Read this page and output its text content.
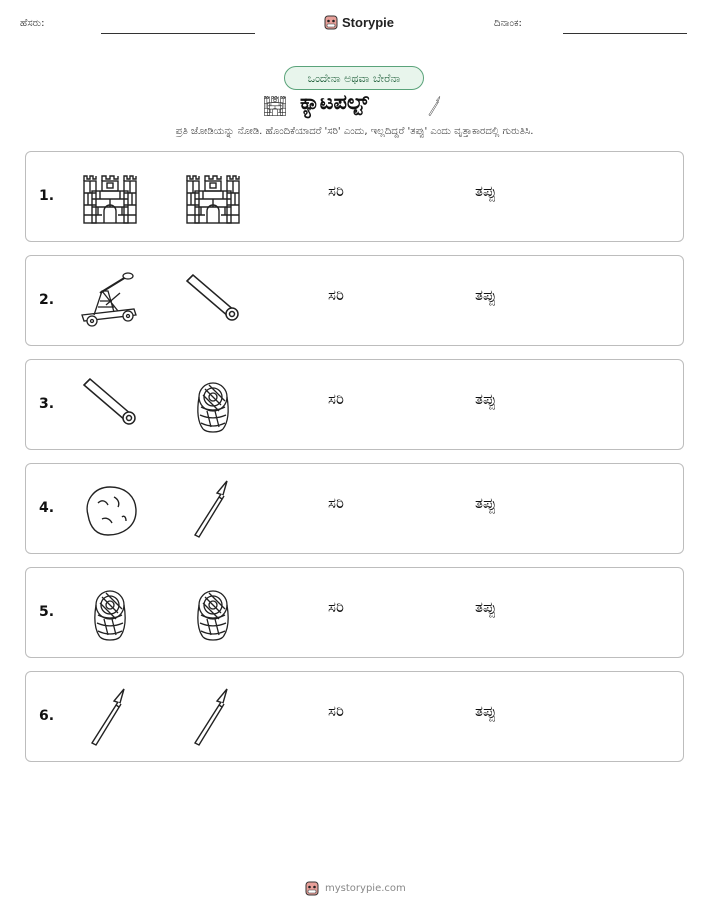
ಹೆಸರು:	Storypie	ದಿನಾಂಕ:
ಒಂದೇನಾ ಅಥವಾ ಬೇರೆನಾ
ಕ್ಯಾಟಪಲ್ಟ್
ಪ್ರತಿ ಜೋಡಿಯನ್ನು ನೋಡಿ. ಹೊಂದಿಕೆಯಾದರೆ 'ಸರಿ' ಎಂದು, ಇಲ್ಲದಿದ್ದರೆ 'ತಪ್ಪು' ಎಂದು ವೃತ್ತಾಕಾರದಲ್ಲಿ ಗುರುತಿಸಿ.
1.	ಸರಿ	ತಪ್ಪು
2.	ಸರಿ	ತಪ್ಪು
3.	ಸರಿ	ತಪ್ಪು
4.	ಸರಿ	ತಪ್ಪು
5.	ಸರಿ	ತಪ್ಪು
6.	ಸರಿ	ತಪ್ಪು
mystorypie.com
